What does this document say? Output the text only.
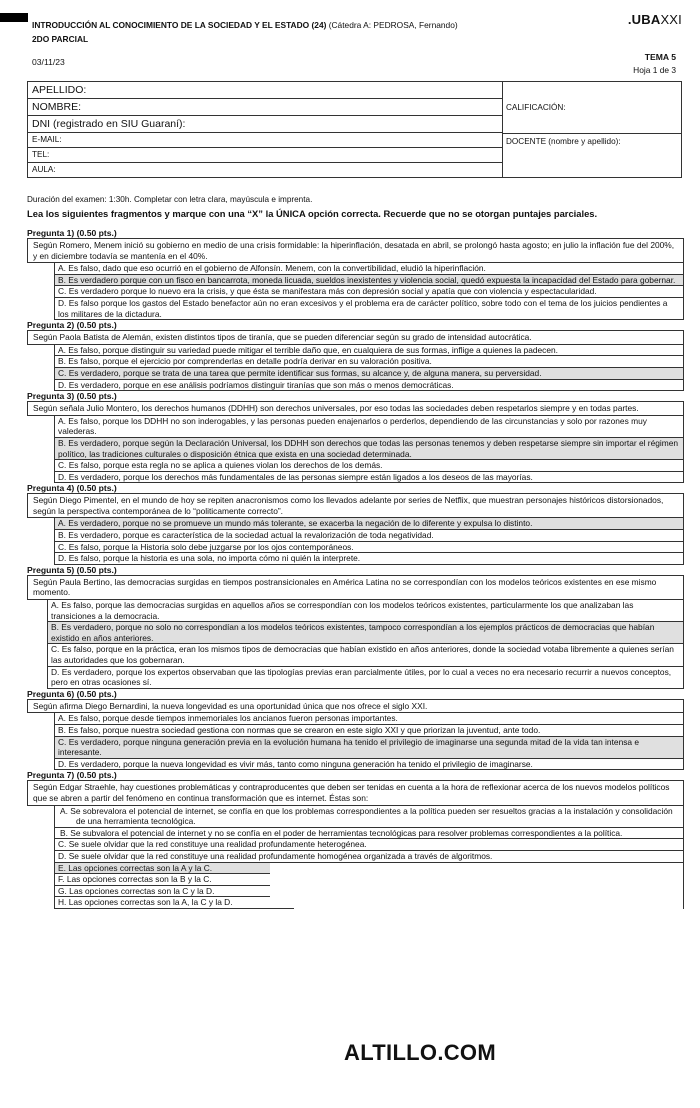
INTRODUCCIÓN AL CONOCIMIENTO DE LA SOCIEDAD Y EL ESTADO (24) (Cátedra A: PEDROSA, Fernando)
2DO PARCIAL
03/11/23
.UBAXXI
TEMA 5
Hoja 1 de 3
APELLIDO:
NOMBRE:
DNI (registrado en SIU Guaraní):
E-MAIL:
TEL:
AULA:
CALIFICACIÓN:
DOCENTE (nombre y apellido):
Duración del examen: 1:30h. Completar con letra clara, mayúscula e imprenta.
Lea los siguientes fragmentos y marque con una “X” la ÚNICA opción correcta. Recuerde que no se otorgan puntajes parciales.
Pregunta 1) (0.50 pts.)
Según Romero, Menem inició su gobierno en medio de una crisis formidable: la hiperinflación, desatada en abril, se prolongó hasta agosto; en julio la inflación fue del 200%, y en diciembre todavía se mantenía en el 40%.
A. Es falso, dado que eso ocurrió en el gobierno de Alfonsín. Menem, con la convertibilidad, eludió la hiperinflación.
B. Es verdadero porque con un fisco en bancarrota, moneda licuada, sueldos inexistentes y violencia social, quedó expuesta la incapacidad del Estado para gobernar.
C. Es verdadero porque lo nuevo era la crisis, y que ésta se manifestara más con depresión social y apatía que con violencia y espectacularidad.
D. Es falso porque los gastos del Estado benefactor aún no eran excesivos y el problema era de carácter político, sobre todo con el tema de los juicios pendientes a los militares de la dictadura.
Pregunta 2) (0.50 pts.)
Según Paola Batista de Alemán, existen distintos tipos de tiranía, que se pueden diferenciar según su grado de intensidad autocrática.
A. Es falso, porque distinguir su variedad puede mitigar el terrible daño que, en cualquiera de sus formas, inflige a quienes la padecen.
B. Es falso, porque el ejercicio por comprenderlas en detalle podría derivar en su valoración positiva.
C. Es verdadero, porque se trata de una tarea que permite identificar sus formas, su alcance y, de alguna manera, su perversidad.
D. Es verdadero, porque en ese análisis podríamos distinguir tiranías que son más o menos democráticas.
Pregunta 3) (0.50 pts.)
Según señala Julio Montero, los derechos humanos (DDHH) son derechos universales, por eso todas las sociedades deben respetarlos siempre y en todas partes.
A. Es falso, porque los DDHH no son inderogables, y las personas pueden enajenarlos o perderlos, dependiendo de las circunstancias y solo por razones muy valederas.
B. Es verdadero, porque según la Declaración Universal, los DDHH son derechos que todas las personas tenemos y deben respetarse siempre sin importar el régimen político, las tradiciones culturales o disposición étnica que exista en una sociedad determinada.
C. Es falso, porque esta regla no se aplica a quienes violan los derechos de los demás.
D. Es verdadero, porque los derechos más fundamentales de las personas siempre están ligados a los deseos de las mayorías.
Pregunta 4) (0.50 pts.)
Según Diego Pimentel, en el mundo de hoy se repiten anacronismos como los llevados adelante por series de Netflix, que muestran personajes históricos distorsionados, según la perspectiva contemporánea de lo “politicamente correcto”.
A. Es verdadero, porque no se promueve un mundo más tolerante, se exacerba la negación de lo diferente y expulsa lo distinto.
B. Es verdadero, porque es característica de la sociedad actual la revalorización de toda negatividad.
C. Es falso, porque la Historia solo debe juzgarse por los ojos contemporáneos.
D. Es falso, porque la historia es una sola, no importa cómo ni quién la interprete.
Pregunta 5) (0.50 pts.)
Según Paula Bertino, las democracias surgidas en tiempos postransicionales en América Latina no se correspondían con los modelos teóricos existentes en ese mismo momento.
A. Es falso, porque las democracias surgidas en aquellos años se correspondían con los modelos teóricos existentes, particularmente los que analizaban las transiciones a la democracia.
B. Es verdadero, porque no solo no correspondían a los modelos teóricos existentes, tampoco correspondían a los ejemplos prácticos de democracias que habían existido en años anteriores.
C. Es falso, porque en la práctica, eran los mismos tipos de democracias que habían existido en años anteriores, donde la sociedad votaba libremente a quienes serían las autoridades que los gobernaran.
D. Es verdadero, porque los expertos observaban que las tipologías previas eran parcialmente útiles, por lo cual a veces no era necesario recurrir a nuevos conceptos, pero en otras ocasiones sí.
Pregunta 6) (0.50 pts.)
Según afirma Diego Bernardini, la nueva longevidad es una oportunidad única que nos ofrece el siglo XXI.
A. Es falso, porque desde tiempos inmemoriales los ancianos fueron personas importantes.
B. Es falso, porque nuestra sociedad gestiona con normas que se crearon en este siglo XXI y que priorizan la juventud, ante todo.
C. Es verdadero, porque ninguna generación previa en la evolución humana ha tenido el privilegio de imaginarse una segunda mitad de la vida tan intensa e interesante.
D. Es verdadero, porque la nueva longevidad es vivir más, tanto como ninguna generación ha tenido el privilegio de imaginarse.
Pregunta 7) (0.50 pts.)
Según Edgar Straehle, hay cuestiones problemáticas y contraproducentes que deben ser tenidas en cuenta a la hora de reflexionar acerca de los nuevos modelos políticos que se abren a partir del fenómeno en continua transformación que es internet. Éstas son:
A. Se sobrevalora el potencial de internet, se confía en que los problemas correspondientes a la política pueden ser resueltos gracias a la instalación y consolidación de una herramienta tecnológica.
B. Se subvalora el potencial de internet y no se confía en el poder de herramientas tecnológicas para resolver problemas correspondientes a la política.
C. Se suele olvidar que la red constituye una realidad profundamente heterogénea.
D. Se suele olvidar que la red constituye una realidad profundamente homogénea organizada a través de algoritmos.
E. Las opciones correctas son la A y la C.
F. Las opciones correctas son la B y la C.
G. Las opciones correctas son la C y la D.
H. Las opciones correctas son la A, la C y la D.
ALTILLO.COM
